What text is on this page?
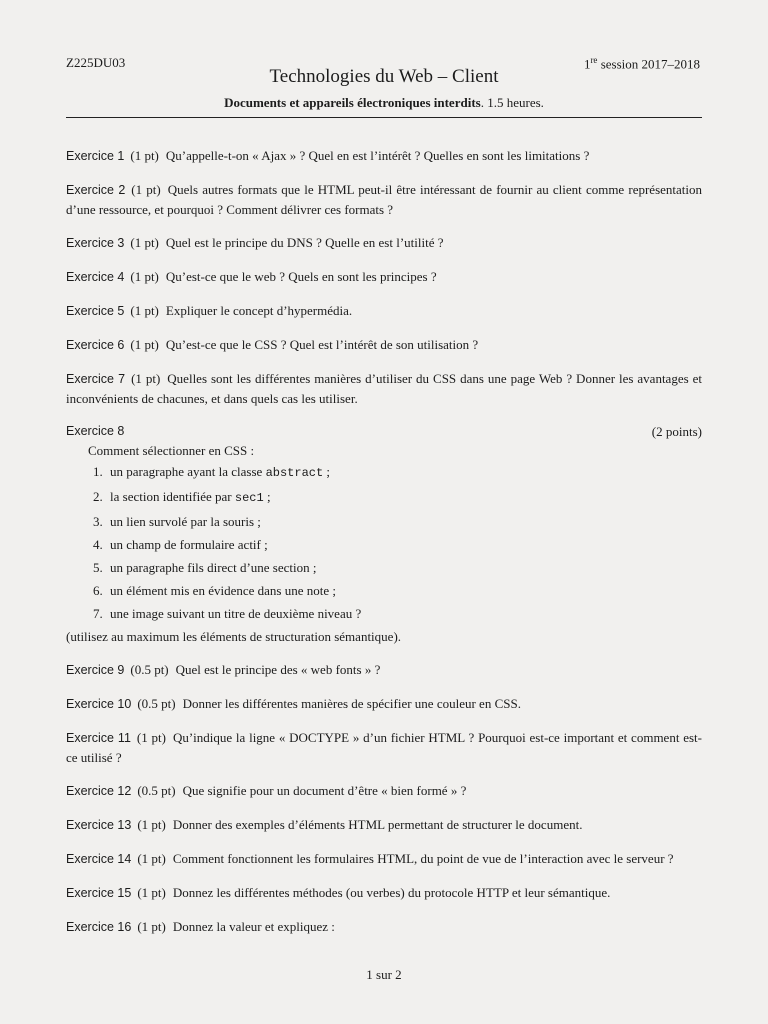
Z225DU03	1re session 2017–2018
Technologies du Web – Client
Documents et appareils électroniques interdits. 1.5 heures.
Exercice 1 (1 pt) Qu’appelle-t-on « Ajax » ? Quel en est l’intérêt ? Quelles en sont les limitations ?
Exercice 2 (1 pt) Quels autres formats que le HTML peut-il être intéressant de fournir au client comme représentation d’une ressource, et pourquoi ? Comment délivrer ces formats ?
Exercice 3 (1 pt) Quel est le principe du DNS ? Quelle en est l’utilité ?
Exercice 4 (1 pt) Qu’est-ce que le web ? Quels en sont les principes ?
Exercice 5 (1 pt) Expliquer le concept d’hypermédia.
Exercice 6 (1 pt) Qu’est-ce que le CSS ? Quel est l’intérêt de son utilisation ?
Exercice 7 (1 pt) Quelles sont les différentes manières d’utiliser du CSS dans une page Web ? Donner les avantages et inconvénients de chacunes, et dans quels cas les utiliser.
Exercice 8	(2 points)
Comment sélectionner en CSS :
1. un paragraphe ayant la classe abstract ;
2. la section identifiée par sec1 ;
3. un lien survolé par la souris ;
4. un champ de formulaire actif ;
5. un paragraphe fils direct d’une section ;
6. un élément mis en évidence dans une note ;
7. une image suivant un titre de deuxième niveau ?
(utilisez au maximum les éléments de structuration sémantique).
Exercice 9 (0.5 pt) Quel est le principe des « web fonts » ?
Exercice 10 (0.5 pt) Donner les différentes manières de spécifier une couleur en CSS.
Exercice 11 (1 pt) Qu’indique la ligne « DOCTYPE » d’un fichier HTML ? Pourquoi est-ce important et comment est-ce utilisé ?
Exercice 12 (0.5 pt) Que signifie pour un document d’être « bien formé » ?
Exercice 13 (1 pt) Donner des exemples d’éléments HTML permettant de structurer le document.
Exercice 14 (1 pt) Comment fonctionnent les formulaires HTML, du point de vue de l’interaction avec le serveur ?
Exercice 15 (1 pt) Donnez les différentes méthodes (ou verbes) du protocole HTTP et leur sémantique.
Exercice 16 (1 pt) Donnez la valeur et expliquez :
1 sur 2
